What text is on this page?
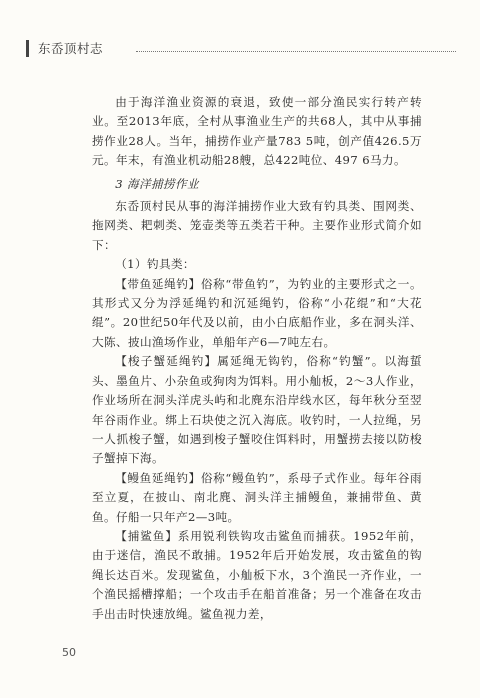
东岙顶村志

由于海洋渔业资源的衰退，致使一部分渔民实行转产转业。至2013年底，全村从事渔业生产的共68人，其中从事捕捞作业28人。当年，捕捞作业产量783 5吨，创产值426.5万元。年末，有渔业机动船28艘，总422吨位、497 6马力。

3 海洋捕捞作业

东岙顶村民从事的海洋捕捞作业大致有钓具类、围网类、拖网类、耙刺类、笼壶类等五类若干种。主要作业形式简介如下：

（1）钓具类：

【带鱼延绳钓】俗称“带鱼钓”，为钓业的主要形式之一。其形式又分为浮延绳钓和沉延绳钓，俗称“小花绲”和“大花绲”。20世纪50年代及以前，由小白底船作业，多在洞头洋、大陈、披山渔场作业，单船年产6—7吨左右。

【梭子蟹延绳钓】属延绳无钩钓，俗称“钓蟹”。以海蜇头、墨鱼片、小杂鱼或狗肉为饵料。用小舢板，2～3人作业，作业场所在洞头洋虎头屿和北麂东沿岸线水区，每年秋分至翌年谷雨作业。绑上石块使之沉入海底。收钓时，一人拉绳，另一人抓梭子蟹，如遇到梭子蟹咬住饵料时，用蟹捞去接以防梭子蟹掉下海。

【鳗鱼延绳钓】俗称“鳗鱼钓”，系母子式作业。每年谷雨至立夏，在披山、南北麂、洞头洋主捕鳗鱼，兼捕带鱼、黄鱼。仔船一只年产2—3吨。

【捕鲨鱼】系用锐利铁钩攻击鲨鱼而捕获。1952年前，由于迷信，渔民不敢捕。1952年后开始发展，攻击鲨鱼的钩绳长达百米。发现鲨鱼，小舢板下水，3个渔民一齐作业，一个渔民摇槽撑船；一个攻击手在船首准备；另一个准备在攻击手出击时快速放绳。鲨鱼视力差，

50
